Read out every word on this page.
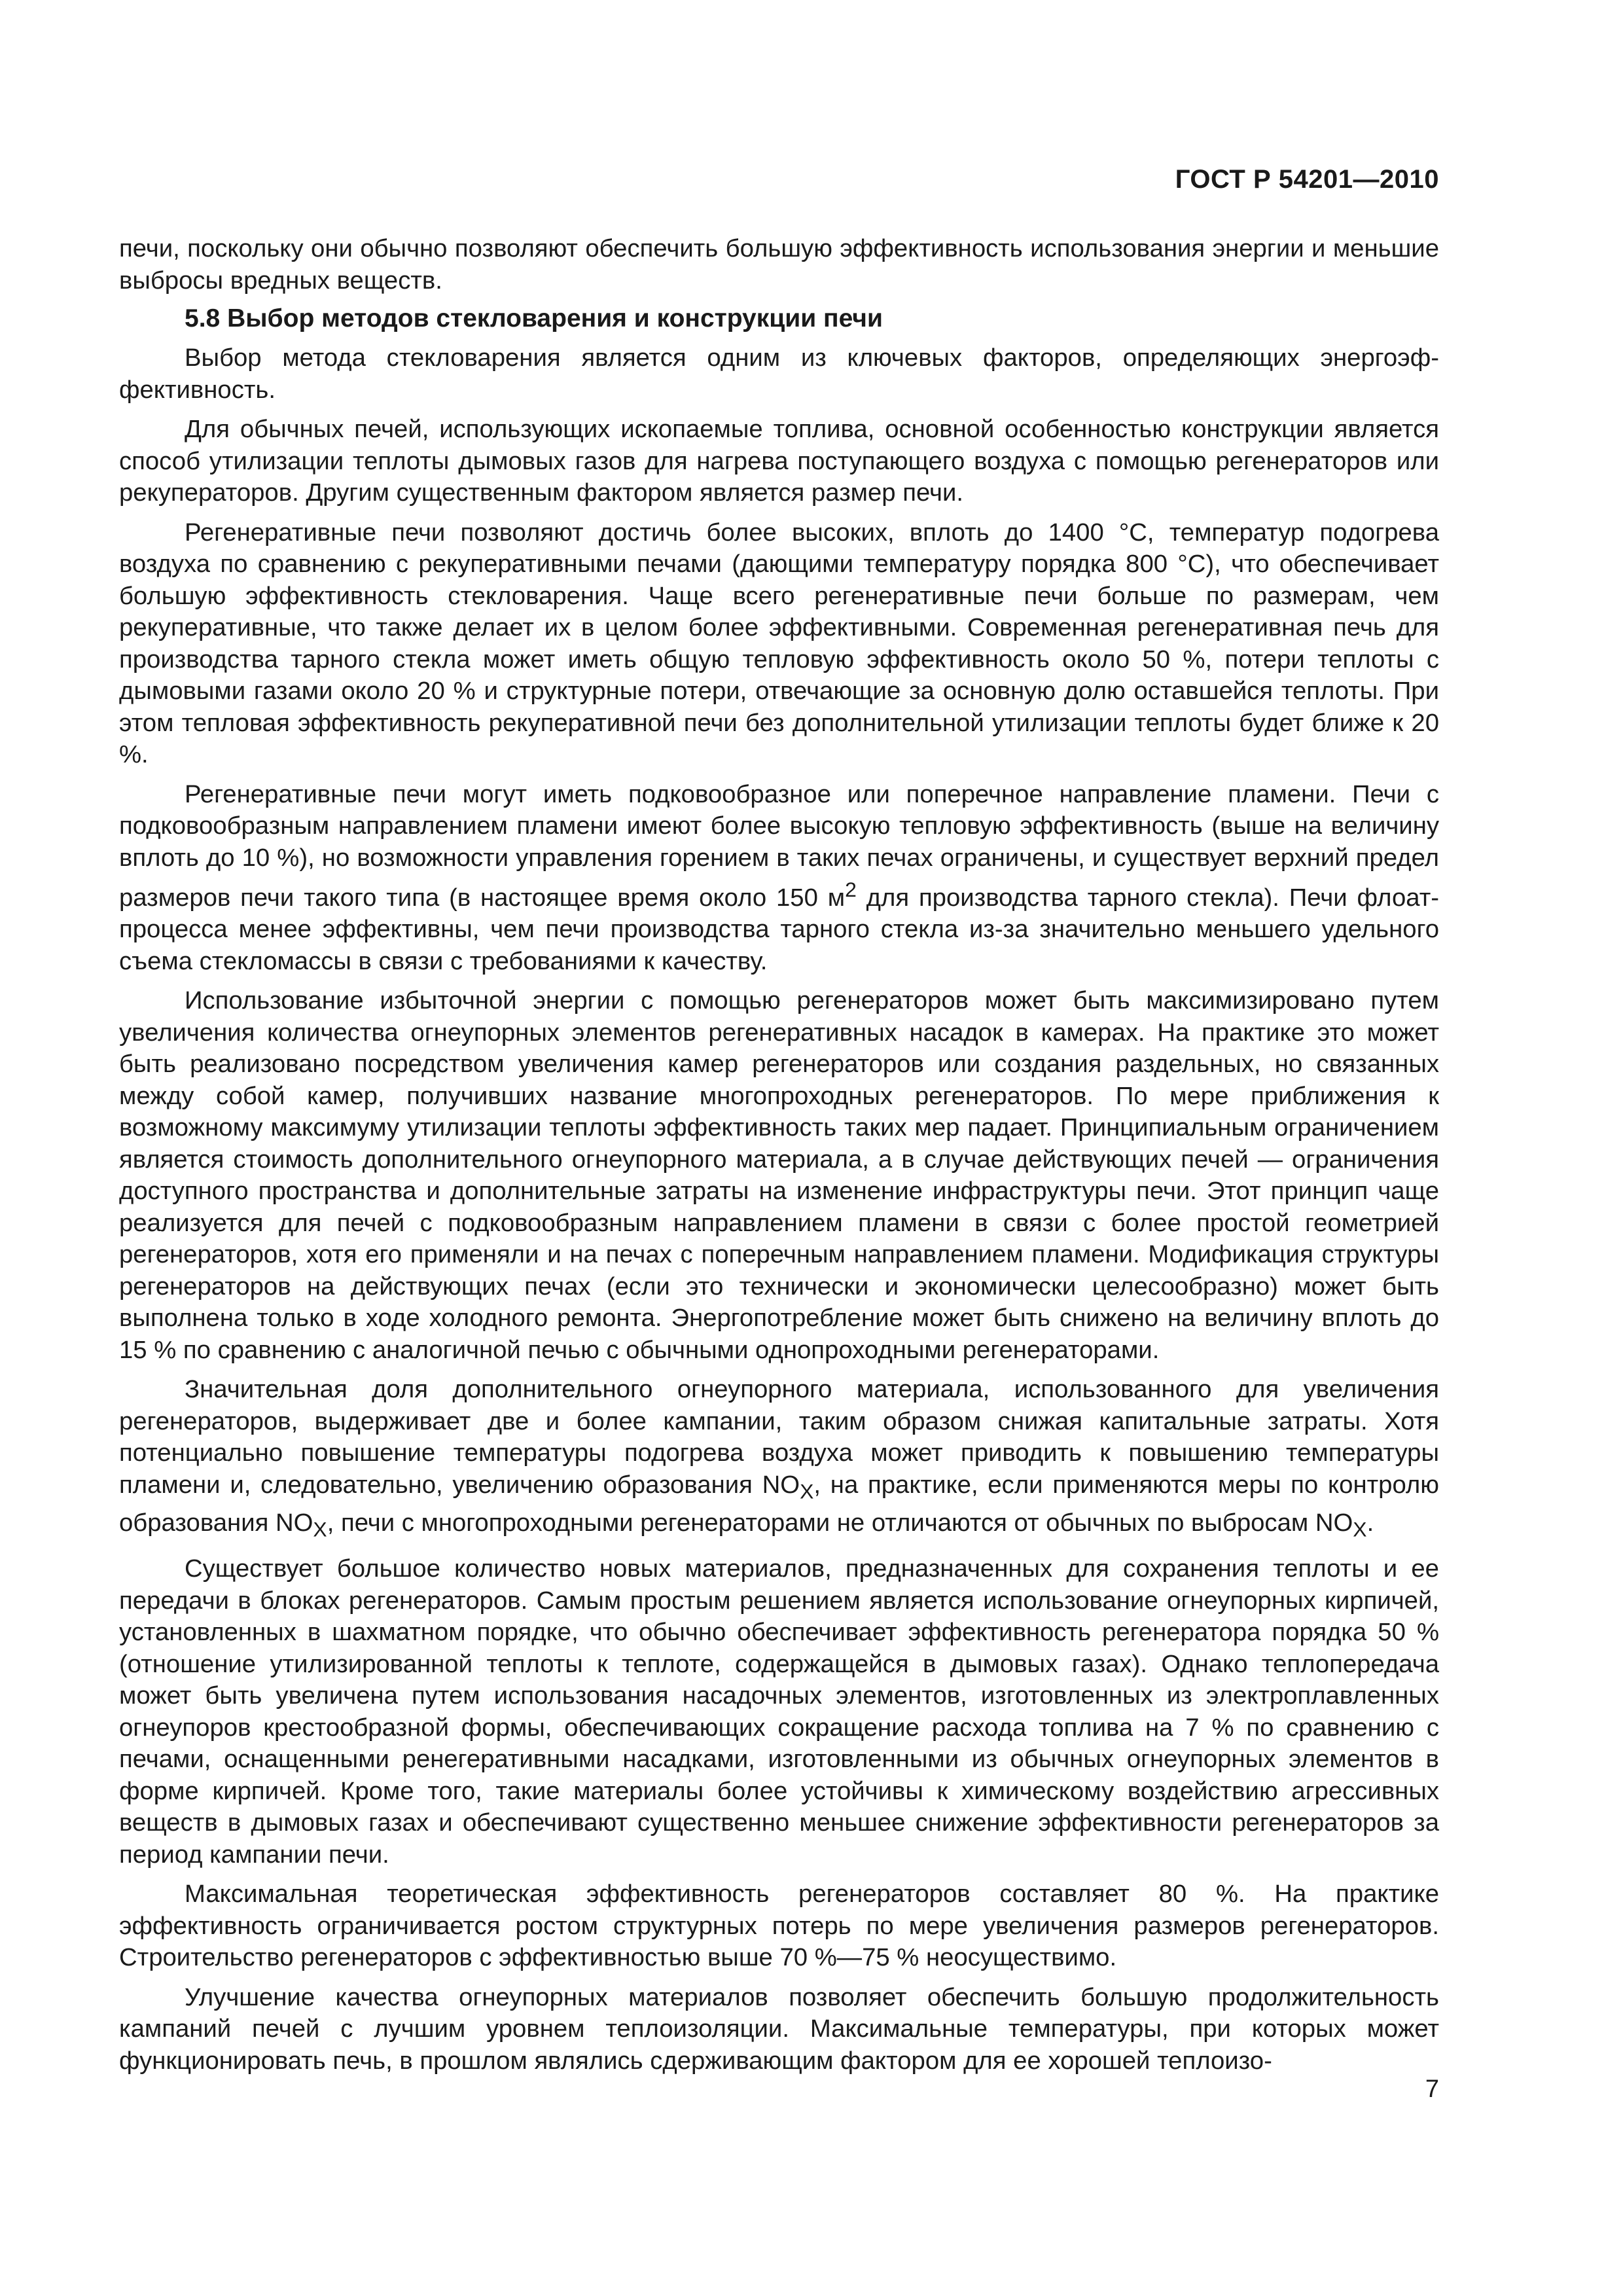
ГОСТ Р 54201—2010

печи, поскольку они обычно позволяют обеспечить большую эффективность использования энергии и меньшие выбросы вредных веществ.

5.8 Выбор методов стекловарения и конструкции печи

Выбор метода стекловарения является одним из ключевых факторов, определяющих энергоэффективность.

Для обычных печей, использующих ископаемые топлива, основной особенностью конструкции является способ утилизации теплоты дымовых газов для нагрева поступающего воздуха с помощью регенераторов или рекуператоров. Другим существенным фактором является размер печи.

Регенеративные печи позволяют достичь более высоких, вплоть до 1400 °С, температур подогрева воздуха по сравнению с рекуперативными печами (дающими температуру порядка 800 °С), что обеспечивает большую эффективность стекловарения. Чаще всего регенеративные печи больше по размерам, чем рекуперативные, что также делает их в целом более эффективными. Современная регенеративная печь для производства тарного стекла может иметь общую тепловую эффективность около 50 %, потери теплоты с дымовыми газами около 20 % и структурные потери, отвечающие за основную долю оставшейся теплоты. При этом тепловая эффективность рекуперативной печи без дополнительной утилизации теплоты будет ближе к 20 %.

Регенеративные печи могут иметь подковообразное или поперечное направление пламени. Печи с подковообразным направлением пламени имеют более высокую тепловую эффективность (выше на величину вплоть до 10 %), но возможности управления горением в таких печах ограничены, и существует верхний предел размеров печи такого типа (в настоящее время около 150 $м^2$ для производства тарного стекла). Печи флоат-процесса менее эффективны, чем печи производства тарного стекла из-за значительно меньшего удельного съема стекломассы в связи с требованиями к качеству.

Использование избыточной энергии с помощью регенераторов может быть максимизировано путем увеличения количества огнеупорных элементов регенеративных насадок в камерах. На практике это может быть реализовано посредством увеличения камер регенераторов или создания раздельных, но связанных между собой камер, получивших название многопроходных регенераторов. По мере приближения к возможному максимуму утилизации теплоты эффективность таких мер падает. Принципиальным ограничением является стоимость дополнительного огнеупорного материала, а в случае действующих печей — ограничения доступного пространства и дополнительные затраты на изменение инфраструктуры печи. Этот принцип чаще реализуется для печей с подковообразным направлением пламени в связи с более простой геометрией регенераторов, хотя его применяли и на печах с поперечным направлением пламени. Модификация структуры регенераторов на действующих печах (если это технически и экономически целесообразно) может быть выполнена только в ходе холодного ремонта. Энергопотребление может быть снижено на величину вплоть до 15 % по сравнению с аналогичной печью с обычными однопроходными регенераторами.

Значительная доля дополнительного огнеупорного материала, использованного для увеличения регенераторов, выдерживает две и более кампании, таким образом снижая капитальные затраты. Хотя потенциально повышение температуры подогрева воздуха может приводить к повышению температуры пламени и, следовательно, увеличению образования $NO_X$, на практике, если применяются меры по контролю образования $NO_X$, печи с многопроходными регенераторами не отличаются от обычных по выбросам $NO_X$.

Существует большое количество новых материалов, предназначенных для сохранения теплоты и ее передачи в блоках регенераторов. Самым простым решением является использование огнеупорных кирпичей, установленных в шахматном порядке, что обычно обеспечивает эффективность регенератора порядка 50 % (отношение утилизированной теплоты к теплоте, содержащейся в дымовых газах). Однако теплопередача может быть увеличена путем использования насадочных элементов, изготовленных из электроплавленных огнеупоров крестообразной формы, обеспечивающих сокращение расхода топлива на 7 % по сравнению с печами, оснащенными ренегеративными насадками, изготовленными из обычных огнеупорных элементов в форме кирпичей. Кроме того, такие материалы более устойчивы к химическому воздействию агрессивных веществ в дымовых газах и обеспечивают существенно меньшее снижение эффективности регенераторов за период кампании печи.

Максимальная теоретическая эффективность регенераторов составляет 80 %. На практике эффективность ограничивается ростом структурных потерь по мере увеличения размеров регенераторов. Строительство регенераторов с эффективностью выше 70 %—75 % неосуществимо.

Улучшение качества огнеупорных материалов позволяет обеспечить большую продолжительность кампаний печей с лучшим уровнем теплоизоляции. Максимальные температуры, при которых может функционировать печь, в прошлом являлись сдерживающим фактором для ее хорошей теплоизо-

7
